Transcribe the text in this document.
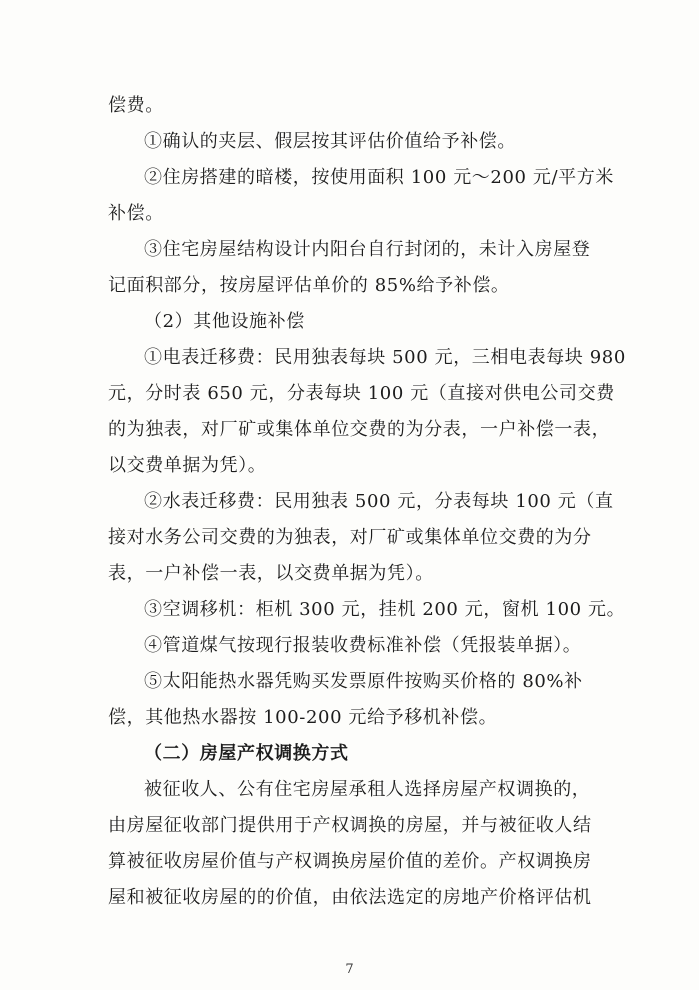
偿费。
①确认的夹层、假层按其评估价值给予补偿。
②住房搭建的暗楼，按使用面积 100 元～200 元/平方米
补偿。
③住宅房屋结构设计内阳台自行封闭的，未计入房屋登
记面积部分，按房屋评估单价的 85%给予补偿。
（2）其他设施补偿
①电表迁移费：民用独表每块 500 元，三相电表每块 980
元，分时表 650 元，分表每块 100 元（直接对供电公司交费
的为独表，对厂矿或集体单位交费的为分表，一户补偿一表，
以交费单据为凭）。
②水表迁移费：民用独表 500 元，分表每块 100 元（直
接对水务公司交费的为独表，对厂矿或集体单位交费的为分
表，一户补偿一表，以交费单据为凭）。
③空调移机：柜机 300 元，挂机 200 元，窗机 100 元。
④管道煤气按现行报装收费标准补偿（凭报装单据）。
⑤太阳能热水器凭购买发票原件按购买价格的 80%补
偿，其他热水器按 100-200 元给予移机补偿。
（二）房屋产权调换方式
被征收人、公有住宅房屋承租人选择房屋产权调换的，
由房屋征收部门提供用于产权调换的房屋，并与被征收人结
算被征收房屋价值与产权调换房屋价值的差价。产权调换房
屋和被征收房屋的的价值，由依法选定的房地产价格评估机
7
